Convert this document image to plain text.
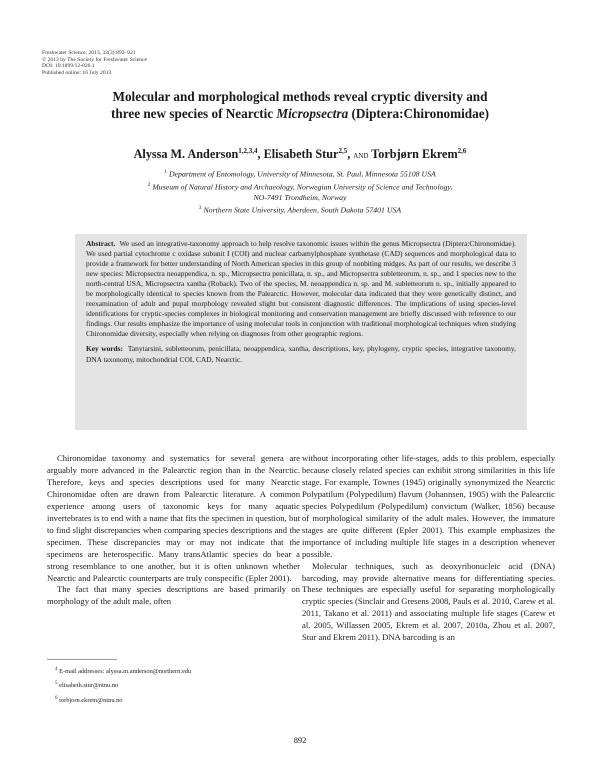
Freshwater Science, 2013, 32(3):892–921
© 2013 by The Society for Freshwater Science
DOI: 10.1899/12-026.1
Published online: 16 July 2013
Molecular and morphological methods reveal cryptic diversity and
three new species of Nearctic Micropsectra (Diptera:Chironomidae)
Alyssa M. Anderson$^{1,2,3,4}$, Elisabeth Stur$^{2,5}$, and Torbjørn Ekrem$^{2,6}$
$^1$ Department of Entomology, University of Minnesota, St. Paul, Minnesota 55108 USA
$^2$ Museum of Natural History and Archaeology, Norwegian University of Science and Technology,
NO-7491 Trondheim, Norway
$^3$ Northern State University, Aberdeen, South Dakota 57401 USA

Abstract. We used an integrative-taxonomy approach to help resolve taxonomic issues within the genus Micropsectra (Diptera:Chironomidae). We used partial cytochrome c oxidase subunit I (COI) and nuclear carbamylphosphate synthetase (CAD) sequences and morphological data to provide a framework for better understanding of North American species in this group of nonbiting midges. As part of our results, we describe 3 new species: Micropsectra neoappendica, n. sp., Micropsectra penicillata, n. sp., and Micropsectra subletteorum, n. sp., and 1 species new to the north-central USA, Micropsectra xantha (Roback). Two of the species, M. neoappendica n. sp. and M. subletteorum n. sp., initially appeared to be morphologically identical to species known from the Palearctic. However, molecular data indicated that they were genetically distinct, and reexamination of adult and pupal morphology revealed slight but consistent diagnostic differences. The implications of using species-level identifications for cryptic-species complexes in biological monitoring and conservation management are briefly discussed with reference to our findings. Our results emphasize the importance of using molecular tools in conjunction with traditional morphological techniques when studying Chironomidae diversity, especially when relying on diagnoses from other geographic regions.

Key words: Tanytarsini, subletteorum, penicillata, neoappendica, xantha, descriptions, key, phylogeny, cryptic species, integrative taxonomy, DNA taxonomy, mitochondrial COI, CAD, Nearctic.

Chironomidae taxonomy and systematics for several genera are arguably more advanced in the Palearctic region than in the Nearctic. Therefore, keys and species descriptions used for many Nearctic Chironomidae often are drawn from Palearctic literature. A common experience among users of taxonomic keys for many aquatic invertebrates is to end with a name that fits the specimen in question, but to find slight discrepancies when comparing species descriptions and the specimen. These discrepancies may or may not indicate that the specimens are heterospecific. Many transAtlantic species do bear a strong resemblance to one another, but it is often unknown whether Nearctic and Palearctic counterparts are truly conspecific (Epler 2001).

The fact that many species descriptions are based primarily on morphology of the adult male, often

without incorporating other life-stages, adds to this problem, especially because closely related species can exhibit strong similarities in this life stage. For example, Townes (1945) originally synonymized the Nearctic Polypatilum (Polypedilum) flavum (Johannsen, 1905) with the Palearctic species Polypedilum (Polypedilum) convictum (Walker, 1856) because of morphological similarity of the adult males. However, the immature stages are quite different (Epler 2001). This example emphasizes the importance of including multiple life stages in a description whenever possible.

Molecular techniques, such as deoxyribonucleic acid (DNA) barcoding, may provide alternative means for differentiating species. These techniques are especially useful for separating morphologically cryptic species (Sinclair and Gresens 2008, Pauls et al. 2010, Carew et al. 2011, Takano et al. 2011) and associating multiple life stages (Carew et al. 2005, Willassen 2005, Ekrem et al. 2007, 2010a, Zhou et al. 2007, Stur and Ekrem 2011). DNA barcoding is an

$^4$ E-mail addresses: alyssa.m.anderson@northern.edu
$^5$ elisabeth.stur@ntnu.no
$^6$ torbjorn.ekrem@ntnu.no
892
